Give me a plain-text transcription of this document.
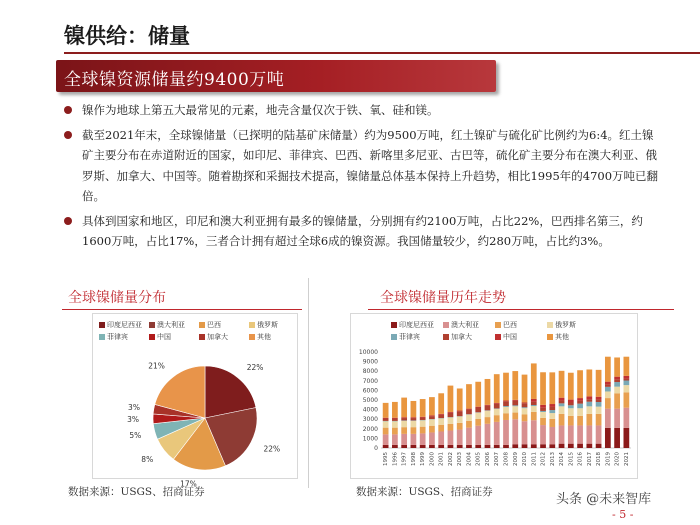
镍供给：储量
全球镍资源储量约9400万吨
镍作为地球上第五大最常见的元素，地壳含量仅次于铁、氧、硅和镁。
截至2021年末，全球镍储量（已探明的陆基矿床储量）约为9500万吨，红土镍矿与硫化矿比例约为6:4。红土镍矿主要分布在赤道附近的国家，如印尼、菲律宾、巴西、新喀里多尼亚、古巴等，硫化矿主要分布在澳大利亚、俄罗斯、加拿大、中国等。随着勘探和采掘技术提高，镍储量总体基本保持上升趋势，相比1995年的4700万吨已翻倍。
具体到国家和地区，印尼和澳大利亚拥有最多的镍储量，分别拥有约2100万吨，占比22%，巴西排名第三，约1600万吨，占比17%，三者合计拥有超过全球6成的镍资源。我国储量较少，约280万吨，占比约3%。
全球镍储量分布
印度尼西亚	澳大利亚	巴西	俄罗斯
菲律宾	中国	加拿大	其他
22%
22%
17%
8%
5%
3%
3%
21%
数据来源：USGS、招商证券
全球镍储量历年走势
印度尼西亚	澳大利亚	巴西	俄罗斯
菲律宾	加拿大	中国	其他
0
1000
2000
3000
4000
5000
6000
7000
8000
9000
10000
1995 1996 1997 1998 1999 2000 2001 2002 2003 2004 2005 2006 2007 2008 2009 2010 2011 2012 2013 2014 2015 2016 2017 2018 2019 2020 2021
数据来源：USGS、招商证券	头条 @未来智库
- 5 -
